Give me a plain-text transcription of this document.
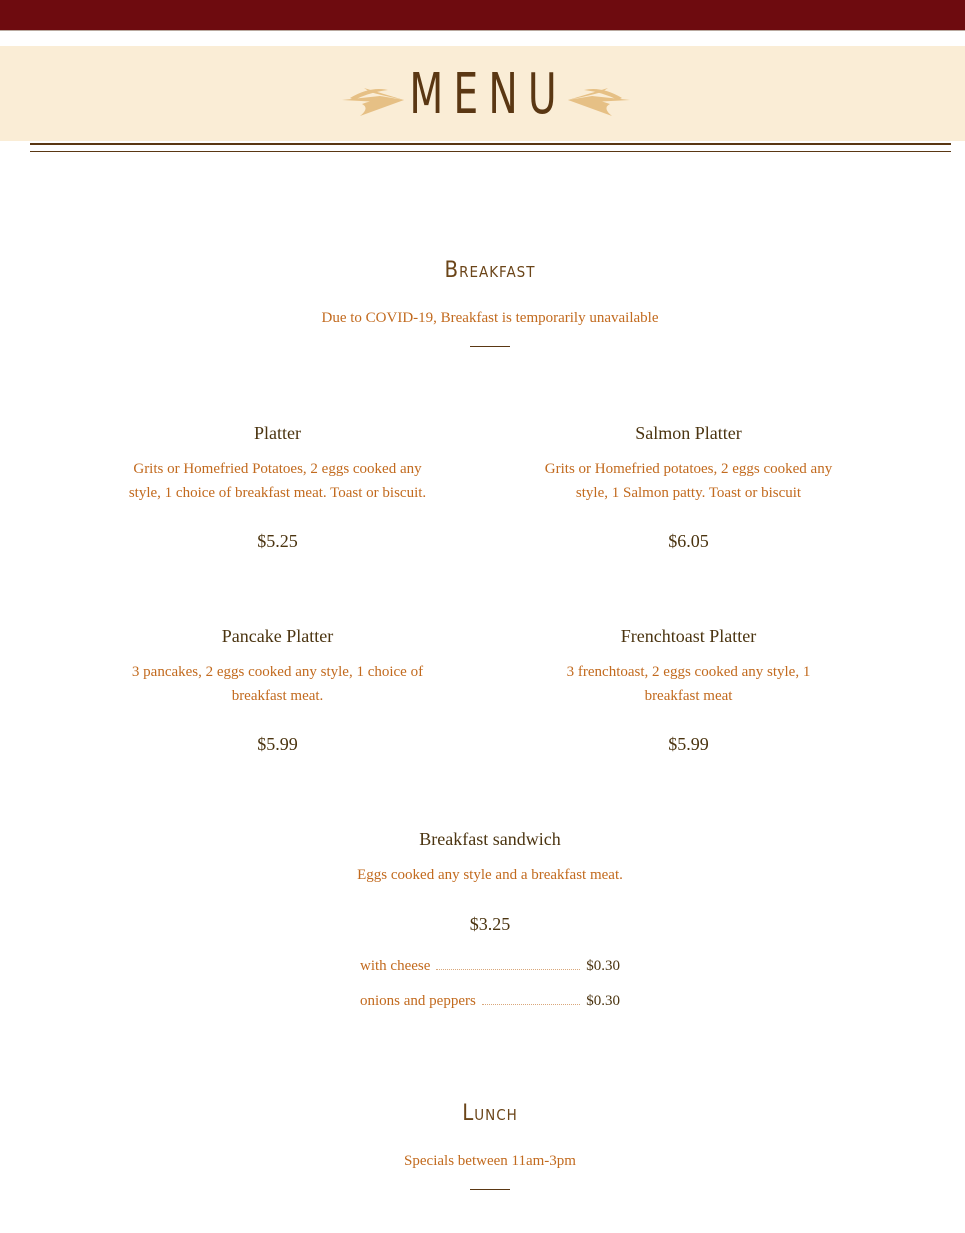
MENU
Breakfast
Due to COVID-19, Breakfast is temporarily unavailable
Platter
Grits or Homefried Potatoes, 2 eggs cooked any style, 1 choice of breakfast meat. Toast or biscuit.
$5.25
Salmon Platter
Grits or Homefried potatoes, 2 eggs cooked any style, 1 Salmon patty. Toast or biscuit
$6.05
Pancake Platter
3 pancakes, 2 eggs cooked any style, 1 choice of breakfast meat.
$5.99
Frenchtoast Platter
3 frenchtoast, 2 eggs cooked any style, 1 breakfast meat
$5.99
Breakfast sandwich
Eggs cooked any style and a breakfast meat.
$3.25
with cheese	$0.30
onions and peppers	$0.30
Lunch
Specials between 11am-3pm
